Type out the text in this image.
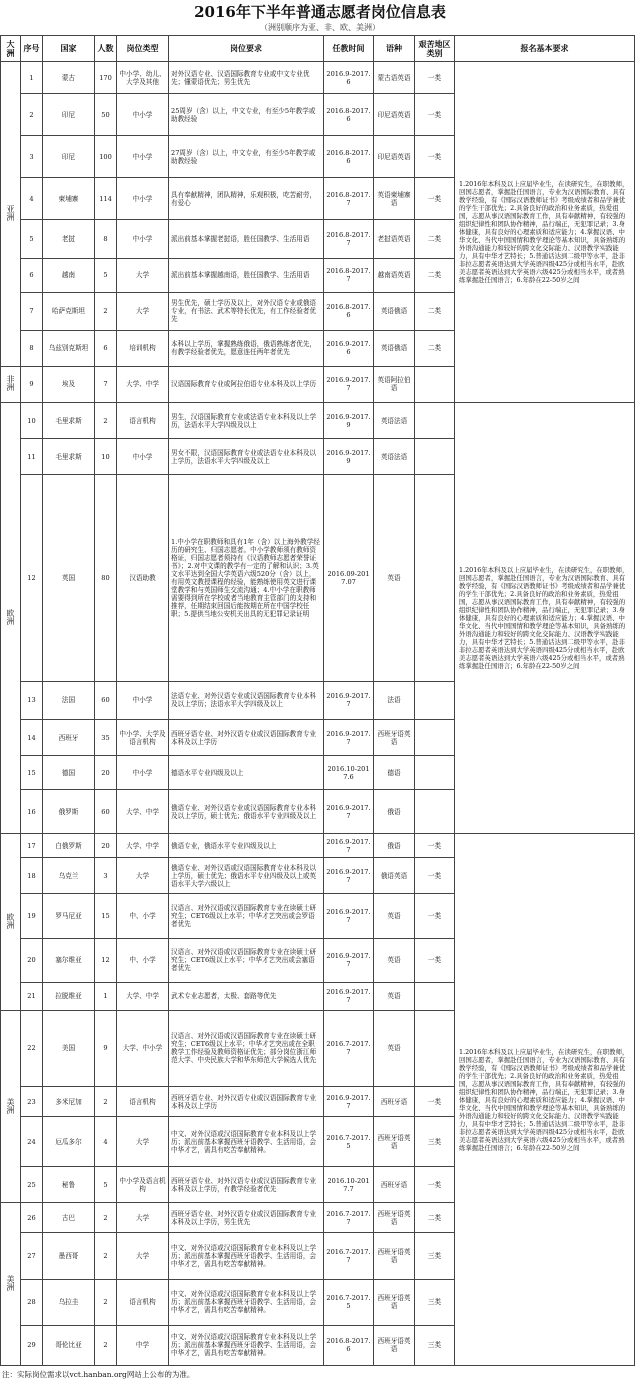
2016年下半年普通志愿者岗位信息表
（洲别顺序为亚、非、欧、美洲）
大洲	序号	国家	人数	岗位类型	岗位要求	任教时间	语种	艰苦地区类别	报名基本要求
亚洲	1	蒙古	170	中小学、幼儿、大学及其他	对外汉语专业、汉语国际教育专业或中文专业优先；懂蒙语优先；男生优先	2016.9-2017.6	蒙古语英语	一类	1.2016年本科及以上应届毕业生，在读研究生，在职教师，回国志愿者，掌握赴任国语言，专业为汉语国际教育、具有教学经验，有《国际汉语教师证书》考级成绩者和品学兼优的学生干部优先；2.具备良好的政治和业务素质，热爱祖国，志愿从事汉语国际教育工作，具有奉献精神，有较强的组织纪律性和团队协作精神，品行端正，无犯罪记录；3.身体健康，具有良好的心理素质和适应能力；4.掌握汉语、中华文化、当代中国国情和教学理论等基本知识，具备熟练的外语沟通能力和较好的跨文化交际能力、汉语教学实践能力，具有中华才艺特长；5.普通话达到二级甲等水平，赴非非拉志愿者英语达到大学英语四级425分或相当水平，赴欧美志愿者英语达到大学英语六级425分或相当水平，或者熟练掌握赴任国语言；6.年龄在22-50岁之间
	2	印尼	50	中小学	25周岁（含）以上，中文专业，有至少5年教学或助教经验	2016.8-2017.6	印尼语英语	一类	
	3	印尼	100	中小学	27周岁（含）以上，中文专业，有至少5年教学或助教经验	2016.8-2017.6	印尼语英语	一类	
	4	柬埔寨	114	中小学	具有奉献精神，团队精神，乐观积极，吃苦耐劳，有爱心	2016.8-2017.7	英语柬埔寨语	一类	
	5	老挝	8	中小学	派出前基本掌握老挝语，胜任国教学、生活用语	2016.8-2017.7	老挝语英语	二类	
	6	越南	5	大学	派出前基本掌握越南语，胜任国教学、生活用语	2016.8-2017.7	越南语英语	二类	
	7	哈萨克斯坦	2	大学	男生优先，硕士学历及以上，对外汉语专业或俄语专业，有书法、武术等特长优先，有工作经验者优先	2016.8-2017.6	英语俄语	二类	
	8	乌兹别克斯坦	6	培训机构	本科以上学历，掌握熟练俄语，俄语熟练者优先，有教学经验者优先，愿意连任两年者优先	2016.9-2017.6	英语俄语	二类	
非洲	9	埃及	7	大学、中学	汉语国际教育专业或阿拉伯语专业本科及以上学历	2016.9-2017.7	英语阿拉伯语		
欧洲	10	毛里求斯	2	语言机构	男生，汉语国际教育专业或法语专业本科及以上学历，法语水平大学四级及以上	2016.9-2017.9	英语法语		1.2016年本科及以上应届毕业生，在读研究生，在职教师，回国志愿者，掌握赴任国语言，专业为汉语国际教育、具有教学经验，有《国际汉语教师证书》考级成绩者和品学兼优的学生干部优先；2.具备良好的政治和业务素质，热爱祖国，志愿从事汉语国际教育工作，具有奉献精神，有较强的组织纪律性和团队协作精神，品行端正，无犯罪记录；3.身体健康，具有良好的心理素质和适应能力；4.掌握汉语、中华文化、当代中国国情和教学理论等基本知识，具备熟练的外语沟通能力和较好的跨文化交际能力、汉语教学实践能力，具有中华才艺特长；5.普通话达到二级甲等水平，赴非非拉志愿者英语达到大学英语四级425分或相当水平，赴欧美志愿者英语达到大学英语六级425分或相当水平，或者熟练掌握赴任国语言；6.年龄在22-50岁之间
	11	毛里求斯	10	中小学	男女不限，汉语国际教育专业或法语专业本科及以上学历，法语水平大学四级及以上	2016.9-2017.9	英语法语		
	12	英国	80	汉语助教	1.中小学在职教师和具有1年（含）以上海外教学经历的研究生、归国志愿者。中小学教师须有教师资格证，归国志愿者须持有《汉语教师志愿者荣誉证书》；2.对中文课的教学有一定的了解和认识；3.英文水平达到全国大学英语六级520分（含）以上，有用英文教授课程的经验，能熟练使用英文进行课堂教学和与英国师生交流沟通；4.中小学在职教师需要得到所在学校或者当地教育主管部门的支持和推荐，任期结束回国后能按期在所在中国学校任职；5.提供当地公安机关出具的无犯罪记录证明	2016.09-2017.07	英语		
	13	法国	60	中小学	法语专业、对外汉语专业或汉语国际教育专业本科及以上学历；法语水平大学四级及以上	2016.9-2017.7	法语		
	14	西班牙	35	中小学、大学及语言机构	西班牙语专业、对外汉语专业或汉语国际教育专业本科及以上学历	2016.9-2017.7	西班牙语英语		
	15	德国	20	中小学	德语水平专业四级及以上	2016.10-2017.6	德语		
	16	俄罗斯	60	大学、中学	俄语专业、对外汉语专业或汉语国际教育专业本科及以上学历，硕士优先；俄语水平专业四级及以上	2016.9-2017.7	俄语		
欧洲	17	白俄罗斯	20	大学、中学	俄语专业，俄语水平专业四级及以上	2016.9-2017.7	俄语	一类	1.2016年本科及以上应届毕业生，在读研究生，在职教师，回国志愿者，掌握赴任国语言，专业为汉语国际教育、具有教学经验，有《国际汉语教师证书》考级成绩者和品学兼优的学生干部优先；2.具备良好的政治和业务素质，热爱祖国，志愿从事汉语国际教育工作，具有奉献精神，有较强的组织纪律性和团队协作精神，品行端正，无犯罪记录；3.身体健康，具有良好的心理素质和适应能力；4.掌握汉语、中华文化、当代中国国情和教学理论等基本知识，具备熟练的外语沟通能力和较好的跨文化交际能力、汉语教学实践能力，具有中华才艺特长；5.普通话达到二级甲等水平，赴非非拉志愿者英语达到大学英语四级425分或相当水平，赴欧美志愿者英语达到大学英语六级425分或相当水平，或者熟练掌握赴任国语言；6.年龄在22-50岁之间
	18	乌克兰	3	大学	俄语专业、对外汉语或汉语国际教育专业本科及以上学历，硕士优先；俄语水平专业四级及以上或英语水平大学六级以上	2016.9-2017.7	俄语英语	一类	
	19	罗马尼亚	15	中、小学	汉语言、对外汉语或汉语国际教育专业在读硕士研究生；CET6级以上水平；中华才艺突出或会罗语者优先	2016.9-2017.7	英语	一类	
	20	塞尔维亚	12	中、小学	汉语言、对外汉语或汉语国际教育专业在读硕士研究生；CET6级以上水平；中华才艺突出或会塞语者优先	2016.9-2017.7	英语	一类	
	21	拉脱维亚	1	大学、中学	武术专业志愿者，太极、套路等优先	2016.9-2017.7	英语		
美洲	22	美国	9	大学、中小学	汉语言、对外汉语或汉语国际教育专业在读硕士研究生；CET6级以上水平；中华才艺突出或在全职教学工作经验及教师资格证优先；部分岗位浙江师范大学、中央民族大学和华东师范大学候选人优先	2016.7-2017.7	英语		
	23	多米尼加	2	语言机构	西班牙语专业、对外汉语专业或汉语国际教育专业本科及以上学历	2016.9-2017.7	西班牙语	一类	
	24	厄瓜多尔	4	大学	中文、对外汉语或汉语国际教育专业本科及以上学历；派出前基本掌握西班牙语教学、生活用语，会中华才艺，需具有吃苦奉献精神。	2016.7-2017.5	西班牙语英语	三类	
	25	秘鲁	5	中小学及语言机构	西班牙语专业、对外汉语专业或汉语国际教育专业本科及以上学历，有教学经验者优先	2016.10-2017.7	西班牙语	一类	
美洲	26	古巴	2	大学	西班牙语专业、对外汉语专业或汉语国际教育专业本科及以上学历，男生优先	2016.7-2017.7	西班牙语英语	二类	
	27	墨西哥	2	大学	中文、对外汉语或汉语国际教育专业本科及以上学历；派出前基本掌握西班牙语教学、生活用语，会中华才艺，需具有吃苦奉献精神。	2016.7-2017.7	西班牙语英语	三类	
	28	乌拉圭	2	语言机构	中文、对外汉语或汉语国际教育专业本科及以上学历；派出前基本掌握西班牙语教学、生活用语，会中华才艺，需具有吃苦奉献精神。	2016.7-2017.5	西班牙语英语	三类	
	29	哥伦比亚	2	中学	中文、对外汉语或汉语国际教育专业本科及以上学历；派出前基本掌握西班牙语教学、生活用语，会中华才艺，需具有吃苦奉献精神。	2016.8-2017.6	西班牙语英语	三类	
注：实际岗位需求以vct.hanban.org网站上公布的为准。
